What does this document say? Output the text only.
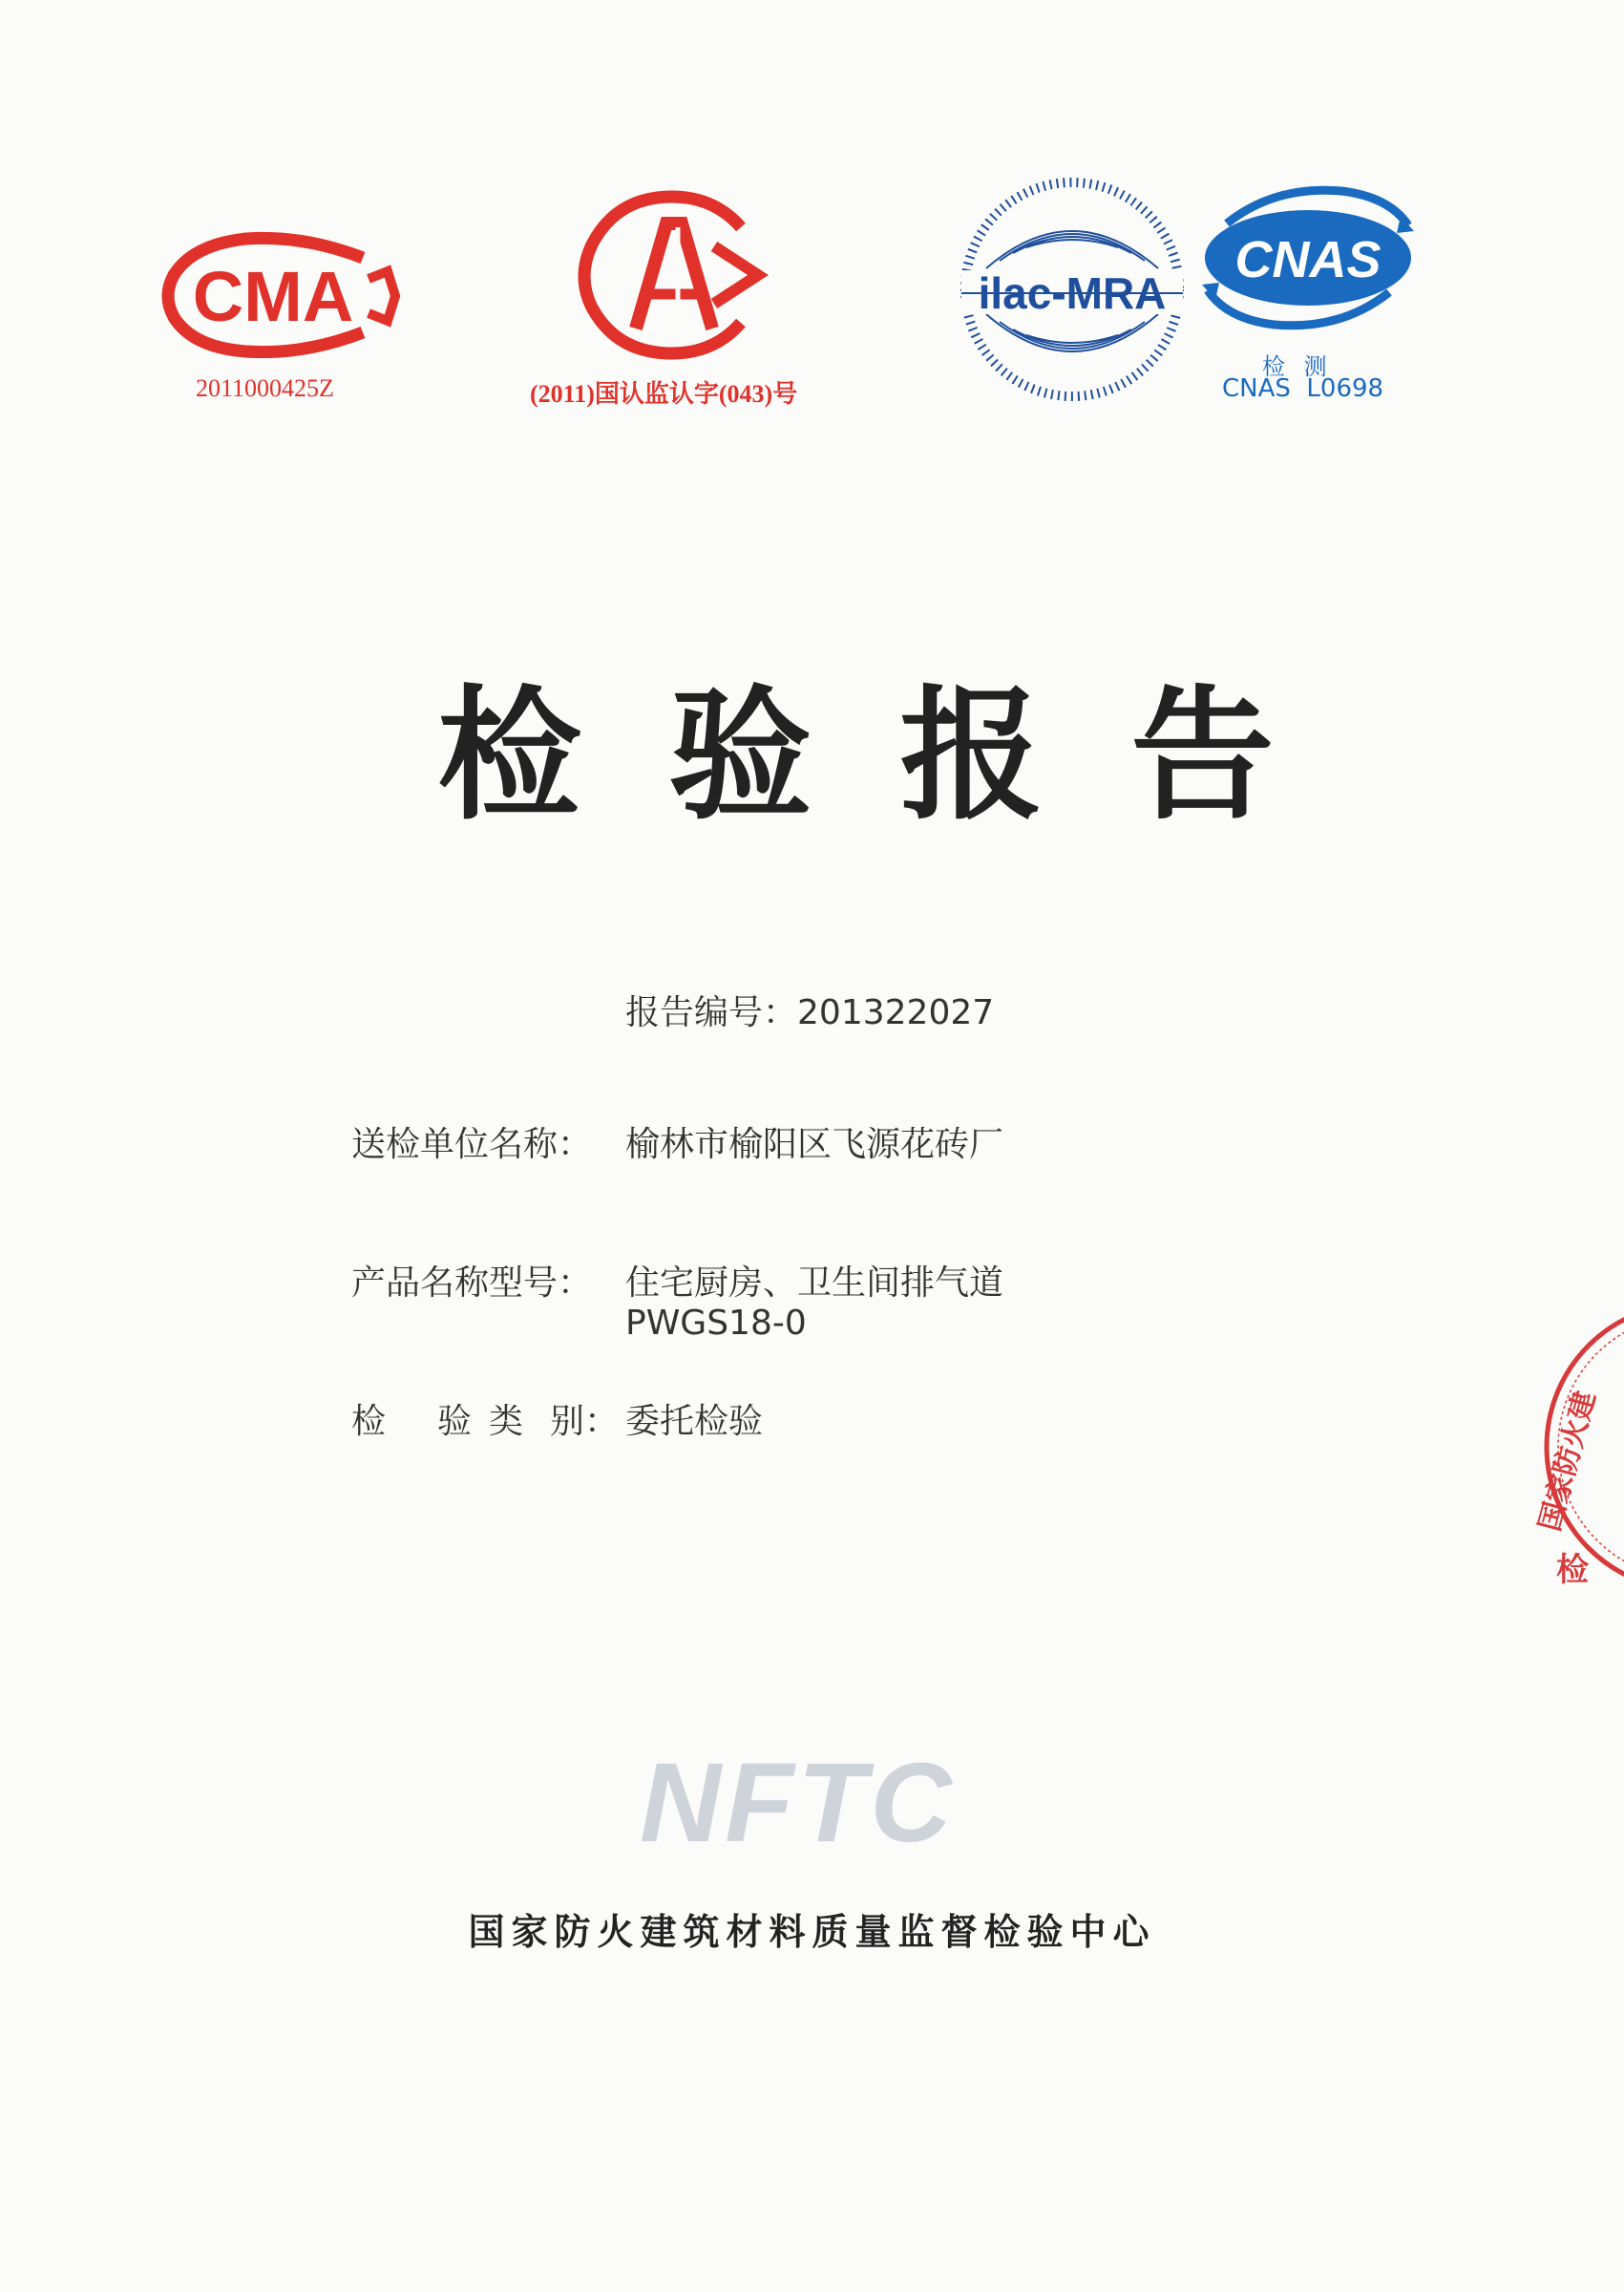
CMA
2011000425Z
CAL
(2011)国认监认字(043)号
ilac-MRA
CNAS
检 测
CNAS  L0698
检验报告
报告编号：201322027
送检单位名称： 榆林市榆阳区飞源花砖厂
产品名称型号： 住宅厨房、卫生间排气道
PWGS18-0
检 验 类 别： 委托检验
NFTC
国家防火建筑材料质量监督检验中心
检
国家防火建
